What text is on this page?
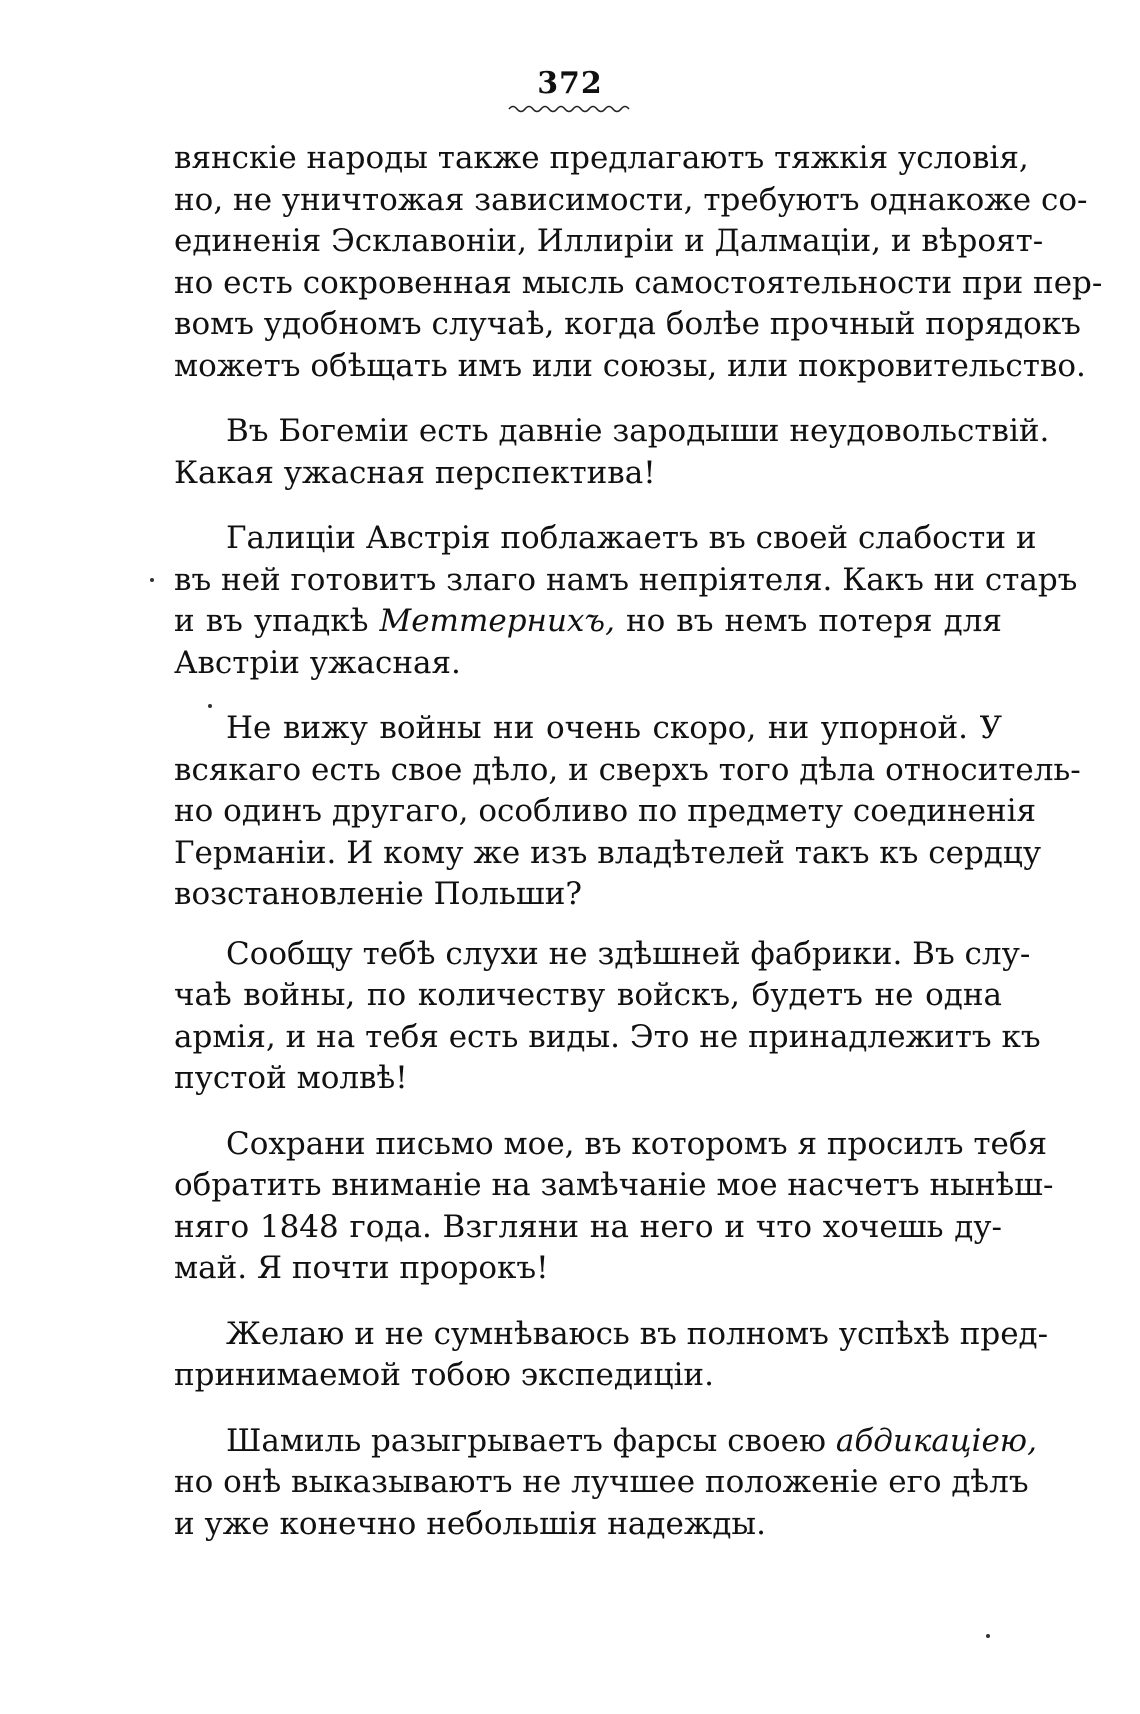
372

вянскіе народы также предлагаютъ тяжкія условія,
но, не уничтожая зависимости, требуютъ однакоже со-
единенія Эсклавоніи, Иллиріи и Далмаціи, и вѣроят-
но есть сокровенная мысль самостоятельности при пер-
вомъ удобномъ случаѣ, когда болѣе прочный порядокъ
можетъ обѣщать имъ или союзы, или покровительство.

Въ Богеміи есть давніе зародыши неудовольствій.
Какая ужасная перспектива!

Галиціи Австрія поблажаетъ въ своей слабости и
въ ней готовитъ злаго намъ непріятеля. Какъ ни старъ
и въ упадкѣ Меттернихъ, но въ немъ потеря для
Австріи ужасная.

Не вижу войны ни очень скоро, ни упорной. У
всякаго есть свое дѣло, и сверхъ того дѣла относитель-
но одинъ другаго, особливо по предмету соединенія
Германіи. И кому же изъ владѣтелей такъ къ сердцу
возстановленіе Польши?

Сообщу тебѣ слухи не здѣшней фабрики. Въ слу-
чаѣ войны, по количеству войскъ, будетъ не одна
армія, и на тебя есть виды. Это не принадлежитъ къ
пустой молвѣ!

Сохрани письмо мое, въ которомъ я просилъ тебя
обратить вниманіе на замѣчаніе мое насчетъ нынѣш-
няго 1848 года. Взгляни на него и что хочешь ду-
май. Я почти пророкъ!

Желаю и не сумнѣваюсь въ полномъ успѣхѣ пред-
принимаемой тобою экспедиціи.

Шамиль разыгрываетъ фарсы своею абдикаціею,
но онѣ выказываютъ не лучшее положеніе его дѣлъ
и уже конечно небольшія надежды.
